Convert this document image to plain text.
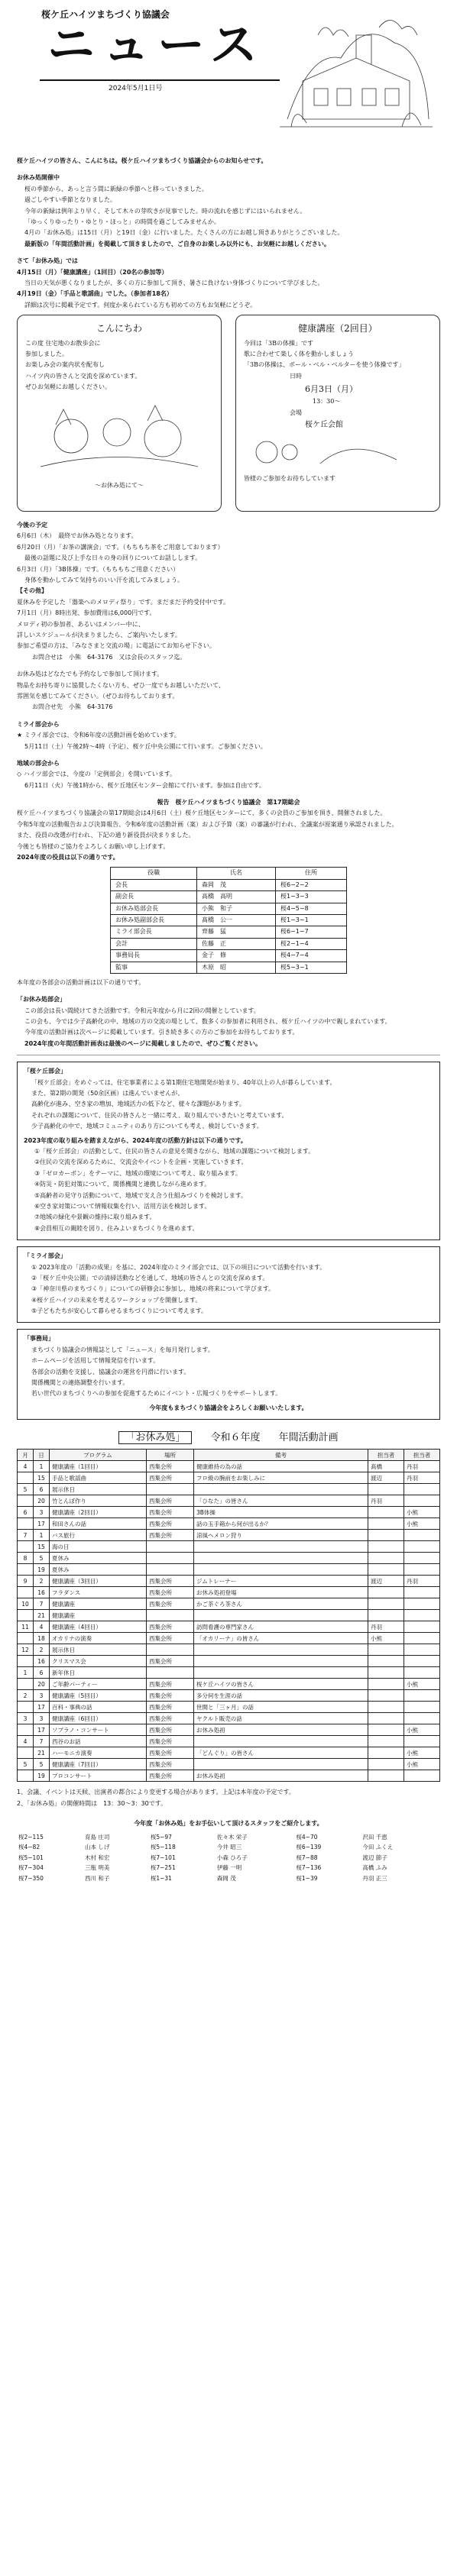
桜ケ丘ハイツまちづくり協議会
ニュース
2024年5月1日号

桜ケ丘ハイツの皆さん、こんにちは。桜ケ丘ハイツまちづくり協議会からのお知らせです。

お休み処開催中

桜の季節から、あっと言う間に新緑の季節へと移っていきました。

過ごしやすい季節となりました。

今年の新緑は例年より早く、そして木々の芽吹きが見事でした。時の流れを感じずにはいられません。

「ゆっくりゆったり・ゆとり・ほっと」の時間を過ごしてみませんか。

4月の「お休み処」は15日（月）と19日（金）に行いました。たくさんの方にお越し頂きありがとうございました。

最新版の「年間活動計画」を掲載して頂きましたので、ご自身のお楽しみ以外にも、お気軽にお越しください。

さて「お休み処」では

4月15日（月）「健康講座」（1回目）（20名の参加等）

当日の天気が悪くなりましたが、多くの方に参加して頂き、暑さに負けない身体づくりについて学びました。

4月19日（金）「手品と歌謡曲」でした。（参加者18名）

詳細は次号に掲載予定です。何度か来られている方も初めての方もお気軽にどうぞ。

こんにちわ

この度 住宅地のお散歩会に

参加しました。

お楽しみ会の案内状を配布し

ハイツ内の皆さんと交流を深めています。

ぜひお気軽にお越しください。

〜お休み処にて〜

健康講座（2回目）

今回は「3Bの体操」です

歌に合わせて楽しく体を動かしましょう

「3Bの体操は、ボール・ベル・ベルターを使う体操です」

日時

6月3日（月）

13：30〜

会場

桜ケ丘会館

皆様のご参加をお待ちしています

今後の予定

6月6日（木）　最終でお休み処となります。

6月20日（月）「お茶の講演会」です。（もちもち茶をご用意しております）

最後の話題に及び上手な日々の身の回りについてお話しします。

6月3日（月）「3B体操」です。（もちもちご用意ください）

身体を動かしてみて気持ちのいい汗を流してみましょう。

【その他】

夏休みを予定した「器楽へのメロディ祭り」です。まだまだ予約受付中です。

7月1日（月）8時出発、参加費用は6,000円です。

メロディ初の参加者、あるいはメンバー中に、

詳しいスケジュールが決まりましたら、ご案内いたします。

参加ご希望の方は、「みなさまと交流の場」に電話にてお知らせ下さい。

お問合せは　小熊　64-3176　又は会長のスタッフ迄。

お休み処はどなたでも予約なしで参加して頂けます。

物品をお持ち寄りに協賛したくない方も、ぜひ一度でもお越しいただいて、

雰囲気を感じてみてください。（ぜひお待ちしております。

お問合せ先　小熊　64-3176

ミライ部会から

★ ミライ部会では、令和6年度の活動計画を始めています。

5月11日（土）午後2時〜4時（予定）、桜ケ丘中央公園にて行います。ご参加ください。

地域の部会から

◇ ハイツ部会では、今度の「定例部会」を開いています。

6月11日（火）午後1時から、桜ケ丘地区センター会館にて行います。参加は自由です。

報告　桜ケ丘ハイツまちづくり協議会　第17期総会

桜ケ丘ハイツまちづくり協議会の第17期総会は4月6日（土）桜ケ丘地区センターにて、多くの会員のご参加を頂き、開催されました。

令和5年度の活動報告および決算報告、令和6年度の活動計画（案）および予算（案）の審議が行われ、全議案が原案通り承認されました。

また、役員の改選が行われ、下記の通り新役員が決まりました。

今後とも皆様のご協力をよろしくお願い申し上げます。

2024年度の役員は以下の通りです。

役職	氏名	住所
会長	森岡　茂	桜6−2−2
副会長	高橋　高明	桜1−3−3
お休み処部会長	小熊　和子	桜4−5−8
お休み処副部会長	髙橋　公一	桜1−3−1
ミライ部会長	齊藤　猛	桜6−1−7
会計	佐藤　正	桜2−1−4
事務局長	金子　修	桜4−7−4
監事	木原　昭	桜5−3−1

本年度の各部会の活動計画は以下の通りです。

「お休み処部会」

この部会は長い間続けてきた活動です。令和元年度から月に2回の開催としています。

この会も、今では少子高齢化の中、地域の方の交流の場として、数多くの参加者に利用され、桜ケ丘ハイツの中で親しまれています。

今年度の活動計画は次ページに掲載しています。引き続き多くの方のご参加をお待ちしております。

2024年度の年間活動計画表は最後のページに掲載しましたので、ぜひご覧ください。

「桜ケ丘部会」

「桜ケ丘部会」をめぐっては、住宅事業者による第1期住宅地開発が始まり、40年以上の人が暮らしています。

また、第2期の開発（50余区画）は進んでいませんが、

高齢化が進み、空き家の増加、地域活力の低下など、様々な課題があります。

それぞれの課題について、住民の皆さんと一緒に考え、取り組んでいきたいと考えています。

少子高齢化の中で、地域コミュニティのあり方についても考え、検討していきます。

2023年度の取り組みを踏まえながら、2024年度の活動方針は以下の通りです。

①「桜ケ丘部会」の活動として、住民の皆さんの意見を聞きながら、地域の課題について検討します。
②住民の交流を深めるために、交流会やイベントを企画・実施していきます。
③「ゼロカーボン」をテーマに、地域の環境について考え、取り組みます。
④防災・防犯対策について、関係機関と連携しながら進めます。
⑤高齢者の見守り活動について、地域で支え合う仕組みづくりを検討します。
⑥空き家対策について情報収集を行い、活用方法を検討します。
⑦地域の緑化や景観の維持に取り組みます。
⑧会員相互の親睦を図り、住みよいまちづくりを進めます。

「ミライ部会」

① 2023年度の「活動の成果」を基に、2024年度のミライ部会では、以下の項目について活動を行います。

②「桜ケ丘中央公園」での清掃活動などを通して、地域の皆さんとの交流を深めます。

③「神奈川県のまちづくり」についての研修会に参加し、地域の将来について学びます。

④桜ケ丘ハイツの未来を考えるワークショップを開催します。

⑤子どもたちが安心して暮らせるまちづくりについて考えます。

「事務局」

まちづくり協議会の情報誌として「ニュース」を毎月発行します。

ホームページを活用して情報発信を行います。

各部会の活動を支援し、協議会の運営を円滑に行います。

関係機関との連絡調整を行います。

若い世代のまちづくりへの参加を促進するためにイベント・広報づくりをサポートします。

今年度もまちづくり協議会をよろしくお願いいたします。

「お休み処」	令和６年度 年間活動計画
月	日	プログラム	場所	備考	担当者	担当者
4	1	健康講座（1回目）	西集会所	健康維持の為の話	髙橋	丹羽
	15	手品と歌謡曲	西集会所	フロ級の腕前をお楽しみに	渡辺	丹羽
5	6	展示休日				
	20	竹とんぼ作り	西集会所	「ひなた」の皆さん	丹羽	
6	3	健康講座（2回目）	西集会所	3B体操		小熊
	17	和田さんの話	西集会所	話の玉手箱から何が出るか？		小熊
7	1	バス旅行	西集会所	涼風ヘメロン狩り		
	15	海の日				
8	5	夏休み				
	19	夏休み				
9	2	健康講座（3回目）	西集会所	ジムトレーナー	渡辺	丹羽
	16	フラダンス	西集会所	お休み処初登場		
10	7	健康講座	西集会所	かご茶ぐろ茶さん		
	21	健康講座				
11	4	健康講座（4回目）	西集会所	訪問看護の専門家さん	丹羽	
	18	オカリナの演奏	西集会所	「オカリーナ」の皆さん	小熊	
12	2	展示休日				
	16	クリスマス会	西集会所			
1	6	新年休日				
	20	ご年齢パーティー	西集会所	桜ケ丘ハイツの皆さん		小熊
2	3	健康講座（5回目）	西集会所	多分何を生涯の話		
	17	百科・事典の話	西集会所	世間と「三ヶ月」の話		
3	3	健康講座（6回目）	西集会所	ヤクルト販売の話		
	17	ソプラノ・コンサート	西集会所	お休み処初		小熊
4	7	西谷のお話	西集会所			
	21	ハーモニカ演奏	西集会所	「どんぐり」の皆さん		小熊
5	5	健康講座（7回目）	西集会所			小熊
	19	プロコンサート	西集会所	お休み処初		

1、会議、イベントは天候、出演者の都合により変更する場合があります。上記は本年度の予定です。

2、「お休み処」の開催時間は　13：30〜3：30です。

今年度「お休み処」をお手伝いして頂けるスタッフをご紹介します。
桜2−115	育島 庄司	桜5−97	佐々木 栄子	桜4−70	沢田 千恵
桜4−82	山本 しげ	桜5−118	今井 昭三	桜6−139	今田 ふくえ
桜5−101	木村 和宏	桜7−101	小森 ひろ子	桜7−88	渡辺 節子
桜7−304	三瓶 明美	桜7−251	伊藤 一明	桜7−136	高橋 ふみ
桜7−350	西川 和子	桜1−31	森岡 茂	桜1−39	丹羽 正三
